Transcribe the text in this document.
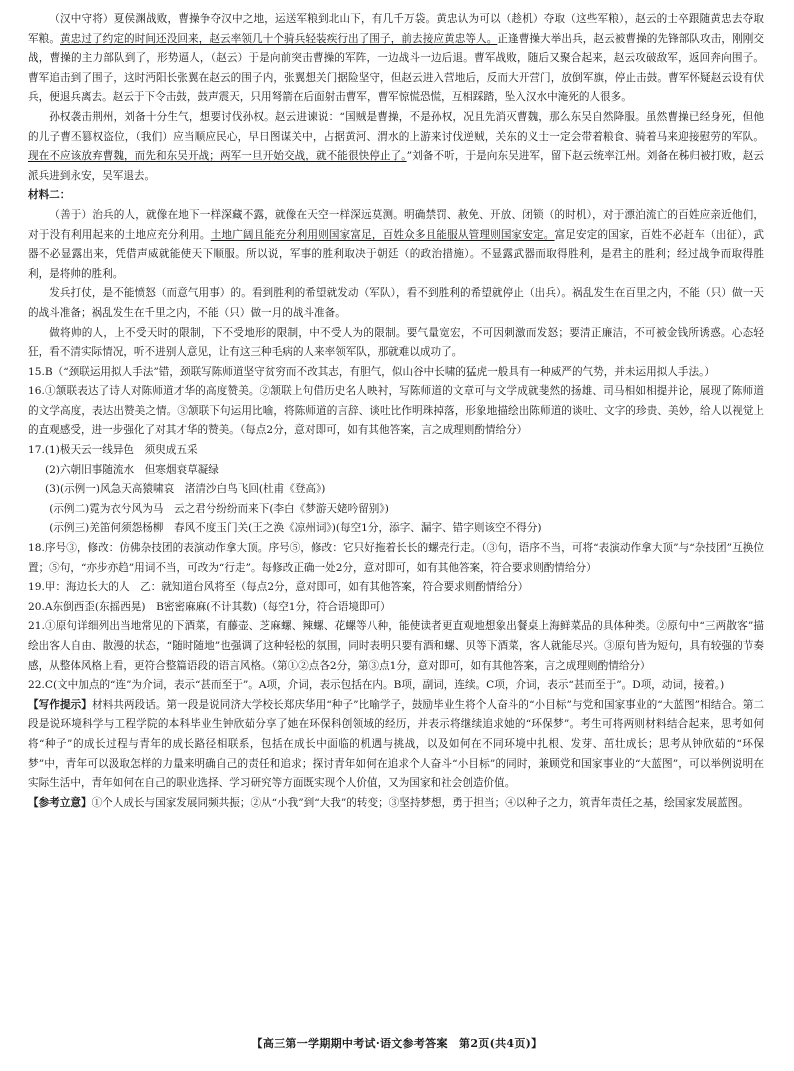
（汉中守将）夏侯渊战败，曹操争夺汉中之地，运送军粮到北山下，有几千万袋。黄忠认为可以（趁机）夺取（这些军粮），赵云的士卒跟随黄忠去夺取军粮。黄忠过了约定的时间还没回来，赵云率领几十个骑兵轻装疾行出了围子，前去接应黄忠等人。正逢曹操大举出兵，赵云被曹操的先锋部队攻击，刚刚交战，曹操的主力部队到了，形势逼人，（赵云）于是向前突击曹操的军阵，一边战斗一边后退。曹军战败，随后又聚合起来，赵云攻破敌军，返回奔向围子。曹军追击到了围子，这时沔阳长张翼在赵云的围子内，张翼想关门据险坚守，但赵云进入营地后，反而大开营门，放倒军旗，停止击鼓。曹军怀疑赵云设有伏兵，便退兵离去。赵云于下令击鼓，鼓声震天，只用弩箭在后面射击曹军，曹军惊慌恐慌，互相踩踏，坠入汉水中淹死的人很多。

孙权袭击荆州，刘备十分生气，想要讨伐孙权。赵云进谏说：“国贼是曹操，不是孙权，况且先消灭曹魏，那么东吴自然降服。虽然曹操已经身死，但他的儿子曹丕篡权盗位，（我们）应当顺应民心，早日图谋关中，占据黄河、渭水的上游来讨伐逆贼，关东的义士一定会带着粮食、骑着马来迎接慰劳的军队。现在不应该放弃曹魏，而先和东吴开战；两军一旦开始交战，就不能很快停止了。”刘备不听，于是向东吴进军，留下赵云统率江州。刘备在秭归被打败，赵云派兵进到永安，吴军退去。

材料二：

（善于）治兵的人，就像在地下一样深藏不露，就像在天空一样深远莫测。明确禁罚、赦免、开放、闭锁（的时机），对于漂泊流亡的百姓应亲近他们，对于没有利用起来的土地应充分利用。土地广阔且能充分利用则国家富足，百姓众多且能服从管理则国家安定。富足安定的国家，百姓不必赶车（出征），武器不必显露出来，凭借声威就能使天下顺服。所以说，军事的胜利取决于朝廷（的政治措施）。不显露武器而取得胜利，是君主的胜利；经过战争而取得胜利，是将帅的胜利。

发兵打仗，是不能愤怒（而意气用事）的。看到胜利的希望就发动（军队），看不到胜利的希望就停止（出兵）。祸乱发生在百里之内，不能（只）做一天的战斗准备；祸乱发生在千里之内，不能（只）做一月的战斗准备。

做将帅的人，上不受天时的限制，下不受地形的限制，中不受人为的限制。要气量宽宏，不可因刺激而发怒；要清正廉洁，不可被金钱所诱惑。心态轻狂，看不清实际情况，听不进别人意见，让有这三种毛病的人来率领军队，那就难以成功了。

15.B（“颈联运用拟人手法”错，颈联写陈师道坚守贫穷而不改其志，有胆气，似山谷中长啸的猛虎一般具有一种威严的气势，并未运用拟人手法。）

16.①颔联表达了诗人对陈师道才华的高度赞美。②颔联上句借历史名人映衬，写陈师道的文章可与文学成就斐然的扬雄、司马相如相提并论，展现了陈师道的文学高度，表达出赞美之情。③颔联下句运用比喻，将陈师道的言辞、谈吐比作明珠掉落，形象地描绘出陈师道的谈吐、文字的珍贵、美妙，给人以视觉上的直观感受，进一步强化了对其才华的赞美。（每点2分，意对即可，如有其他答案，言之成理则酌情给分）

17.(1)极天云一线异色　须臾成五采

(2)六朝旧事随流水　但寒烟衰草凝绿

(3)(示例一)风急天高猿啸哀　渚清沙白鸟飞回(杜甫《登高》)

(示例二)霓为衣兮风为马　云之君兮纷纷而来下(李白《梦游天姥吟留别》)

(示例三)羌笛何须怨杨柳　春风不度玉门关(王之涣《凉州词》)(每空1分，添字、漏字、错字则该空不得分)

18.序号③，修改：仿佛杂技团的表演动作拿大顶。序号⑤，修改：它只好拖着长长的螺壳行走。（③句，语序不当，可将“表演动作拿大顶”与“杂技团”互换位置；⑤句，“亦步亦趋”用词不当，可改为“行走”。每修改正确一处2分，意对即可，如有其他答案，符合要求则酌情给分）

19.甲：海边长大的人　乙：就知道台风将至（每点2分，意对即可，如有其他答案，符合要求则酌情给分）

20.A东倒西歪(东摇西晃)　B密密麻麻(不计其数)（每空1分，符合语境即可）

21.①原句详细列出当地常见的下酒菜，有藤壶、芝麻螺、辣螺、花螺等八种，能使读者更直观地想象出餐桌上海鲜菜品的具体种类。②原句中“三两散客”描绘出客人自由、散漫的状态，“随时随地”也强调了这种轻松的氛围，同时表明只要有酒和螺、贝等下酒菜，客人就能尽兴。③原句皆为短句，具有较强的节奏感，从整体风格上看，更符合整篇语段的语言风格。（第①②点各2分，第③点1分，意对即可，如有其他答案，言之成理则酌情给分）

22.C(文中加点的“连”为介词，表示“甚而至于”。A项，介词，表示包括在内。B项，副词，连续。C项，介词，表示“甚而至于”。D项，动词，接着。)

【写作提示】材料共两段话。第一段是说同济大学校长郑庆华用“种子”比喻学子，鼓励毕业生将个人奋斗的“小目标”与党和国家事业的“大蓝图”相结合。第二段是说环境科学与工程学院的本科毕业生钟欣茹分享了她在环保科创领域的经历，并表示将继续追求她的“环保梦”。考生可将两则材料结合起来，思考如何将“种子”的成长过程与青年的成长路径相联系，包括在成长中面临的机遇与挑战，以及如何在不同环境中扎根、发芽、茁壮成长；思考从钟欣茹的“环保梦”中，青年可以汲取怎样的力量来明确自己的责任和追求；探讨青年如何在追求个人奋斗“小目标”的同时，兼顾党和国家事业的“大蓝图”，可以举例说明在实际生活中，青年如何在自己的职业选择、学习研究等方面既实现个人价值，又为国家和社会创造价值。

【参考立意】①个人成长与国家发展同频共振；②从“小我”到“大我”的转变；③坚持梦想，勇于担当；④以种子之力，筑青年责任之基，绘国家发展蓝图。

【高三第一学期期中考试·语文参考答案　第2页(共4页)】
